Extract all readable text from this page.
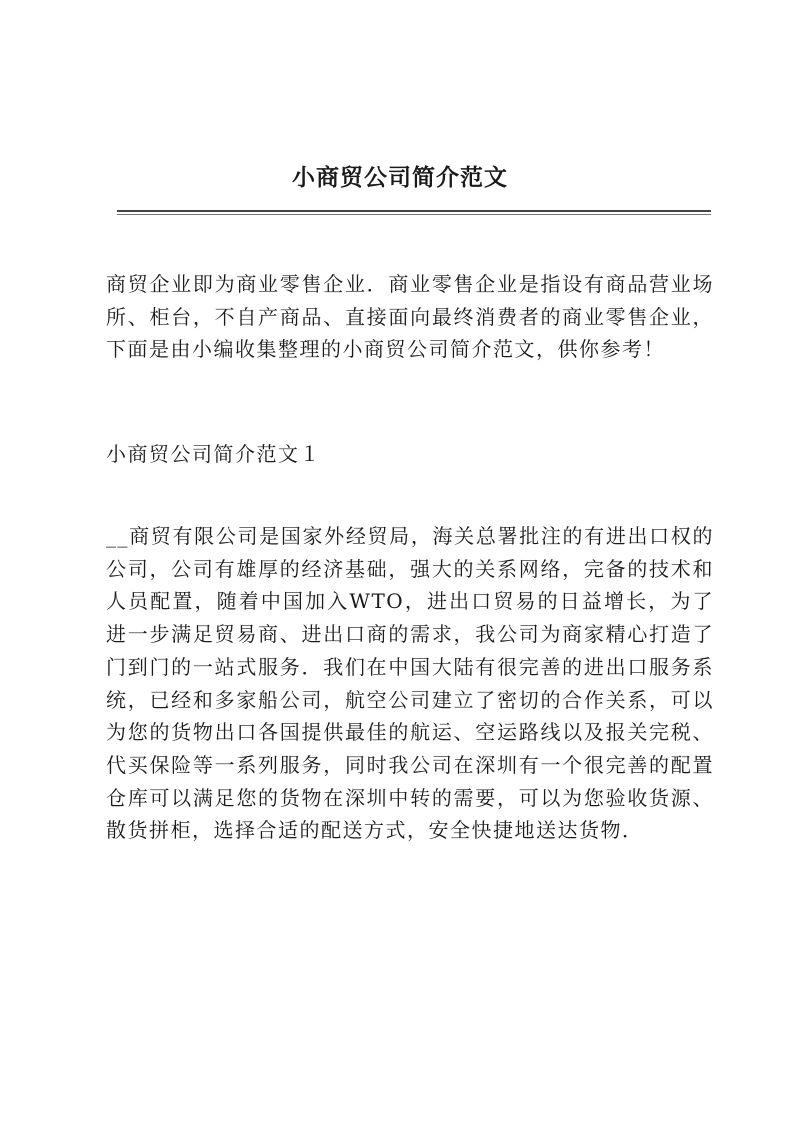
小商贸公司简介范文

商贸企业即为商业零售企业．商业零售企业是指设有商品营业场所、柜台，不自产商品、直接面向最终消费者的商业零售企业，下面是由小编收集整理的小商贸公司简介范文，供你参考！

小商贸公司简介范文１

__商贸有限公司是国家外经贸局，海关总署批注的有进出口权的公司，公司有雄厚的经济基础，强大的关系网络，完备的技术和人员配置，随着中国加入WTO，进出口贸易的日益增长，为了进一步满足贸易商、进出口商的需求，我公司为商家精心打造了门到门的一站式服务．我们在中国大陆有很完善的进出口服务系统，已经和多家船公司，航空公司建立了密切的合作关系，可以为您的货物出口各国提供最佳的航运、空运路线以及报关完税、代买保险等一系列服务，同时我公司在深圳有一个很完善的配置仓库可以满足您的货物在深圳中转的需要，可以为您验收货源、散货拼柜，选择合适的配送方式，安全快捷地送达货物．
